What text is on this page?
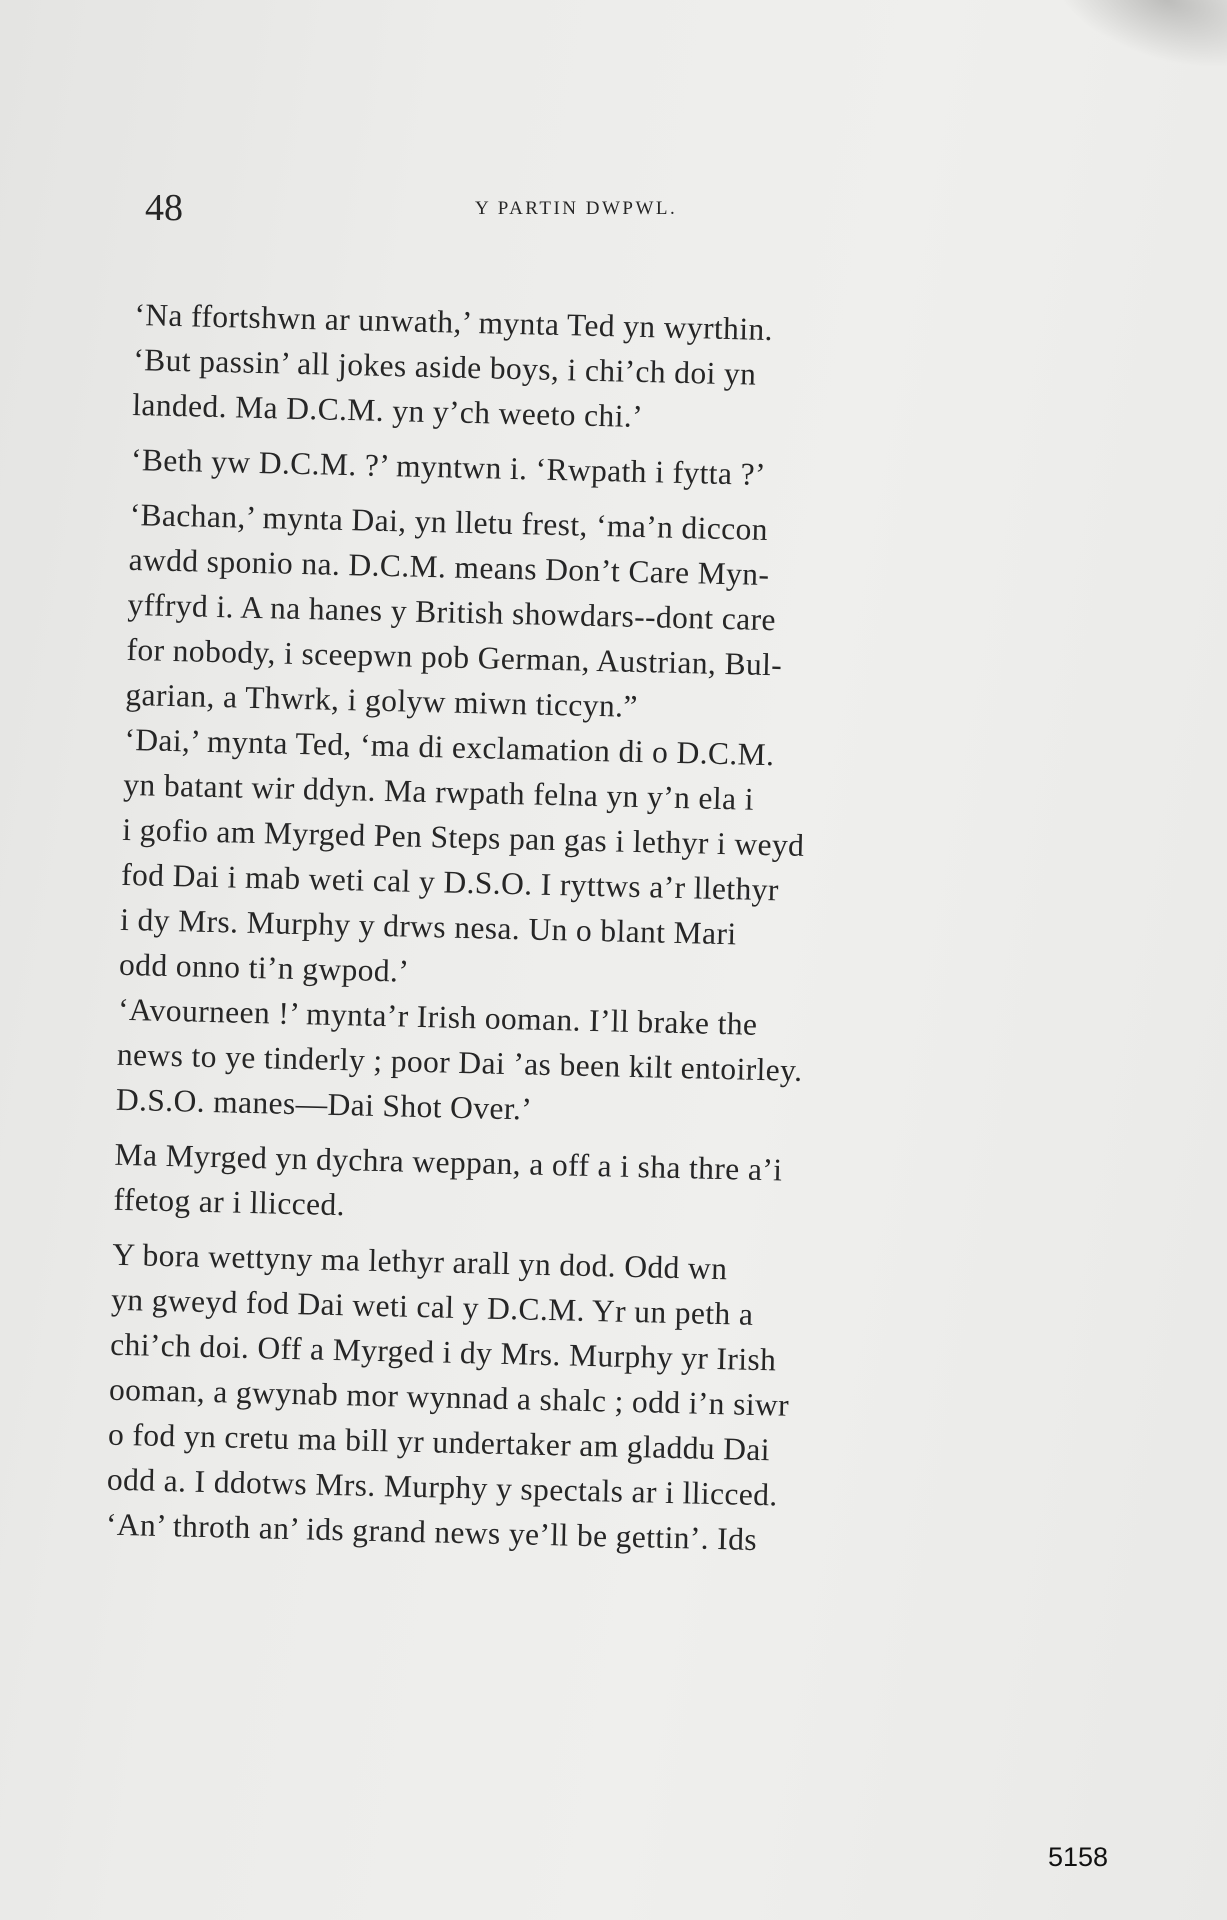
48	Y PARTIN DWPWL.
‘Na ffortshwn ar unwath,’ mynta Ted yn wyrthin.
‘But passin’ all jokes aside boys, i chi’ch doi yn
landed. Ma D.C.M. yn y’ch weeto chi.’
‘Beth yw D.C.M. ?’ myntwn i. ‘Rwpath i fytta ?’
‘Bachan,’ mynta Dai, yn lletu frest, ‘ma’n diccon
awdd sponio na. D.C.M. means Don’t Care Myn-
yffryd i. A na hanes y British showdars--dont care
for nobody, i sceepwn pob German, Austrian, Bul-
garian, a Thwrk, i golyw miwn ticcyn.”
‘Dai,’ mynta Ted, ‘ma di exclamation di o D.C.M.
yn batant wir ddyn. Ma rwpath felna yn y’n ela i
i gofio am Myrged Pen Steps pan gas i lethyr i weyd
fod Dai i mab weti cal y D.S.O. I ryttws a’r llethyr
i dy Mrs. Murphy y drws nesa. Un o blant Mari
odd onno ti’n gwpod.’
‘Avourneen !’ mynta’r Irish ooman. I’ll brake the
news to ye tinderly ; poor Dai ’as been kilt entoirley.
D.S.O. manes—Dai Shot Over.’
Ma Myrged yn dychra weppan, a off a i sha thre a’i
ffetog ar i llicced.
Y bora wettyny ma lethyr arall yn dod. Odd wn
yn gweyd fod Dai weti cal y D.C.M. Yr un peth a
chi’ch doi. Off a Myrged i dy Mrs. Murphy yr Irish
ooman, a gwynab mor wynnad a shalc ; odd i’n siwr
o fod yn cretu ma bill yr undertaker am gladdu Dai
odd a. I ddotws Mrs. Murphy y spectals ar i llicced.
‘An’ throth an’ ids grand news ye’ll be gettin’. Ids
5158
